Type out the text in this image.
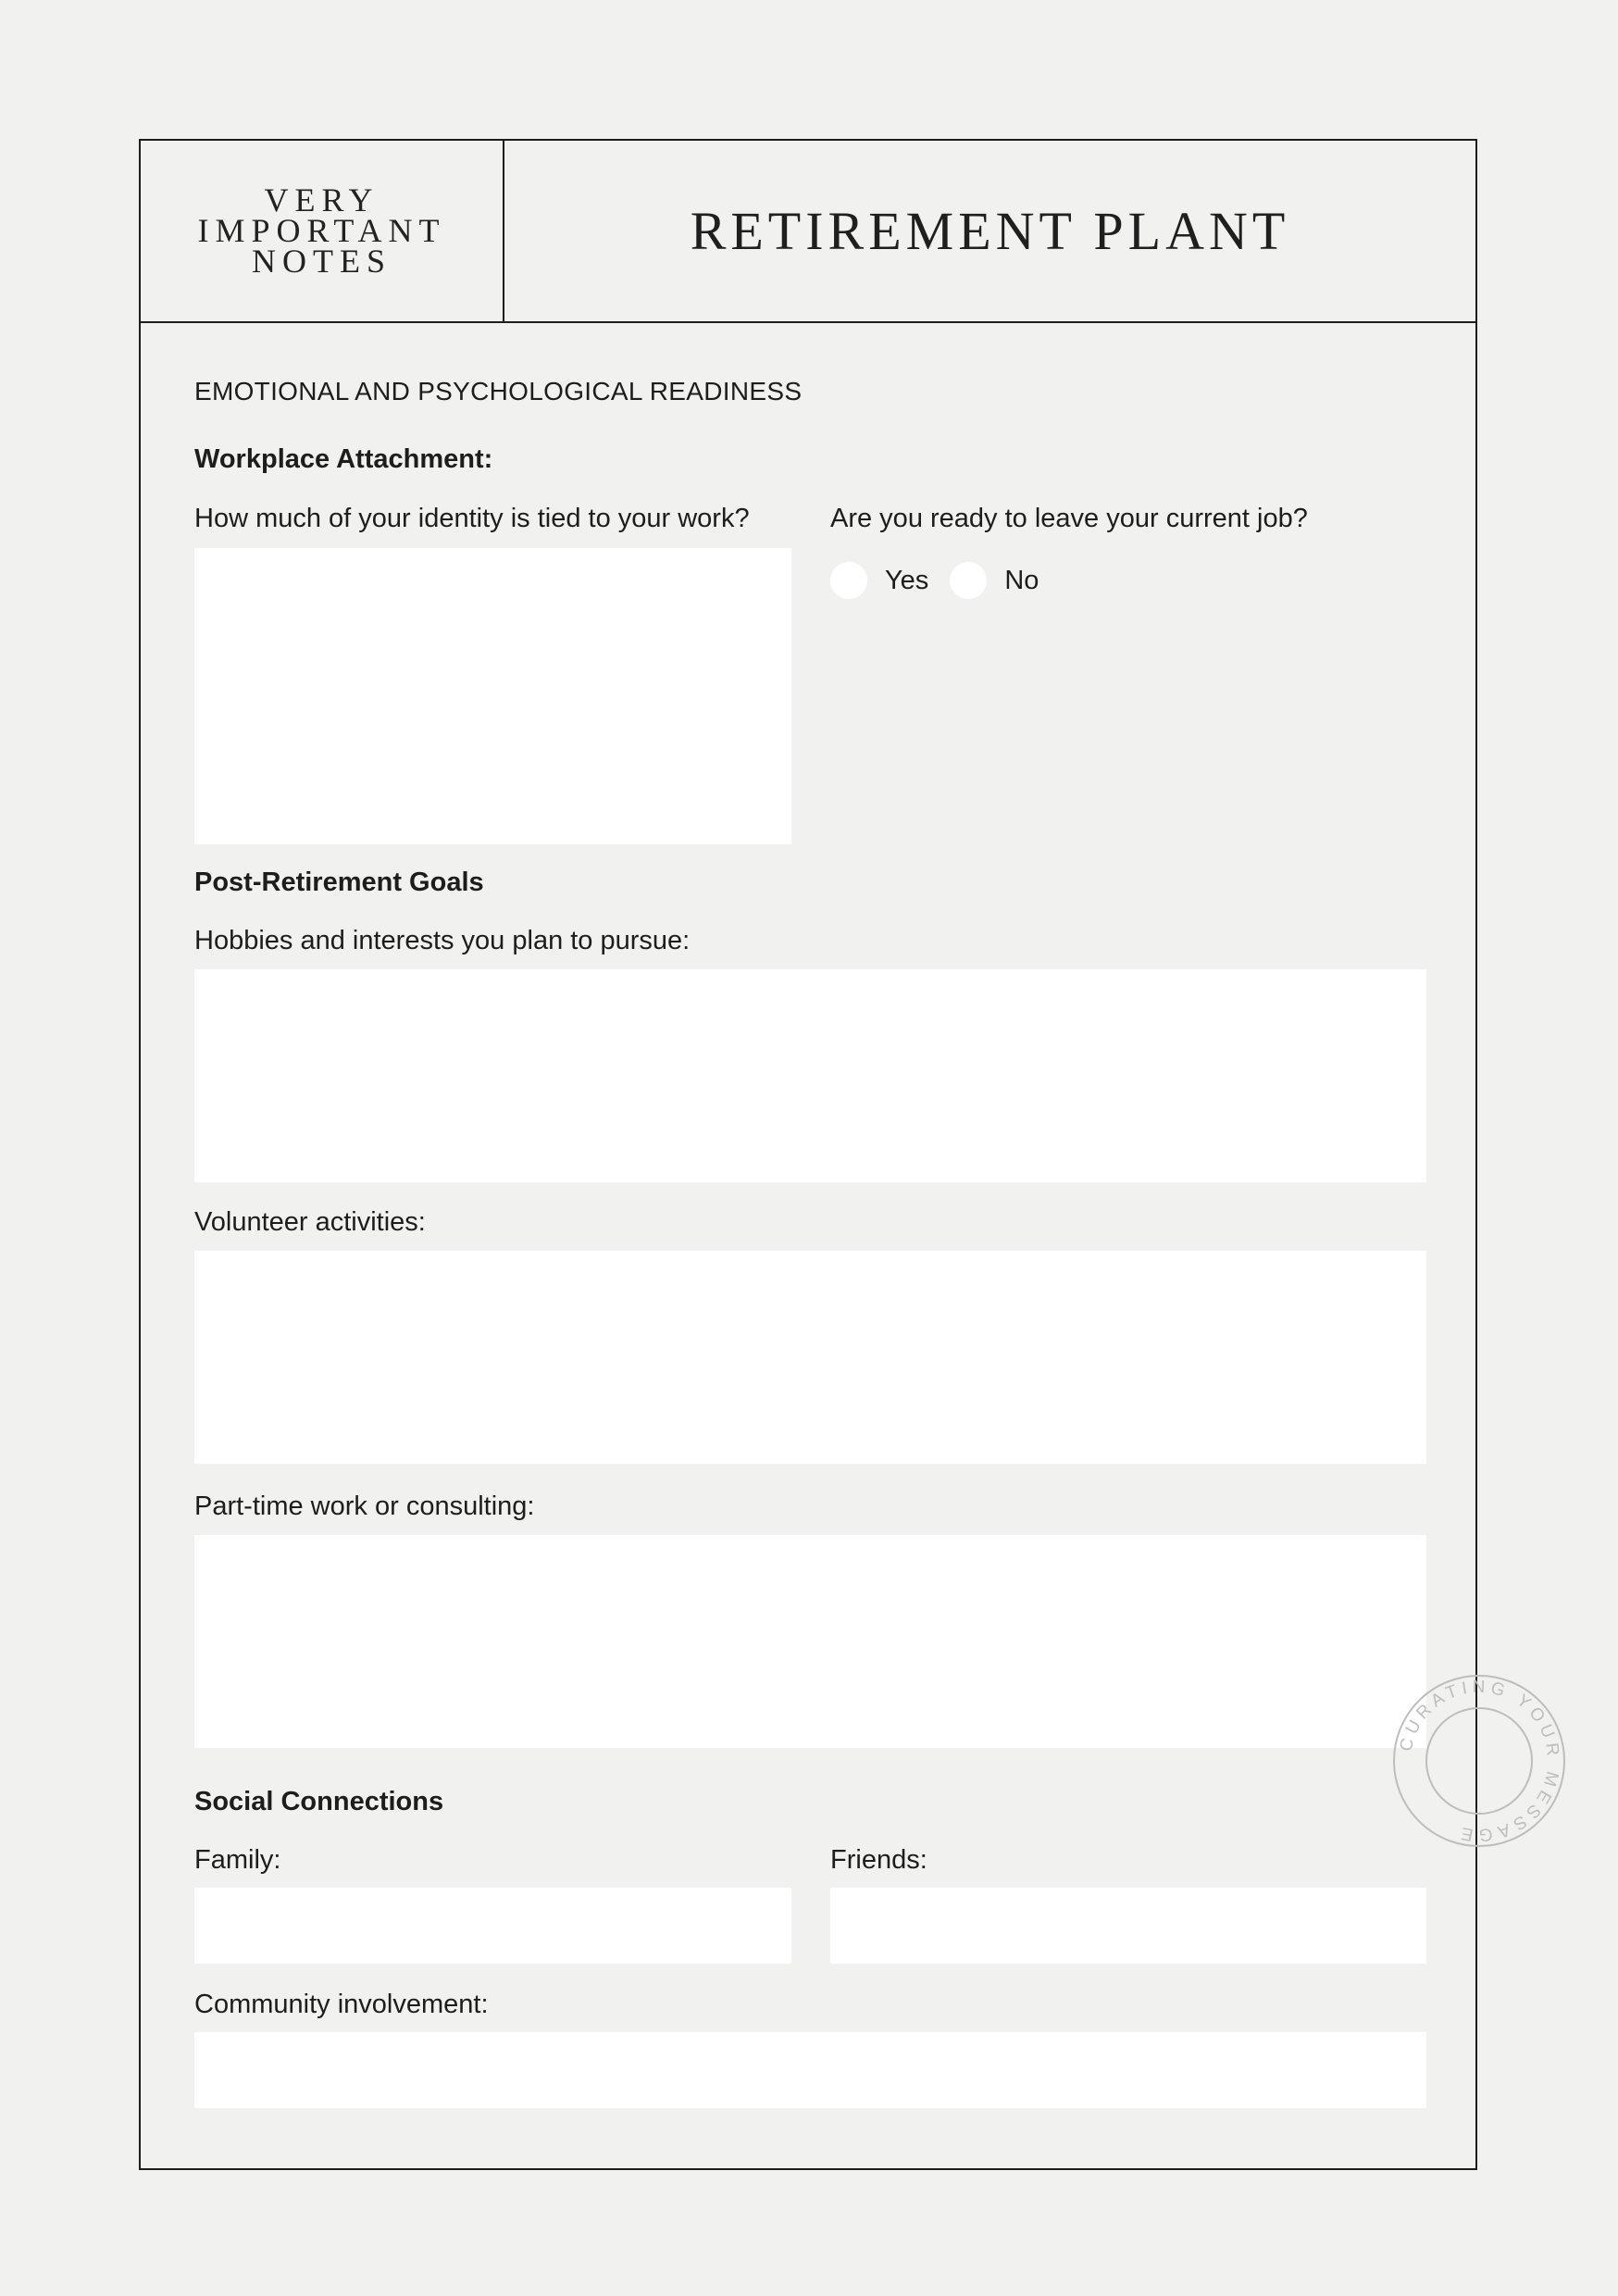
VERY
IMPORTANT
NOTES	RETIREMENT PLANT
EMOTIONAL AND PSYCHOLOGICAL READINESS
Workplace Attachment:
How much of your identity is tied to your work?	Are you ready to leave your current job?
Yes	No
Post-Retirement Goals
Hobbies and interests you plan to pursue:
Volunteer activities:
Part-time work or consulting:
Social Connections
Family:	Friends:
Community involvement:
CURATING YOUR MESSAGE
